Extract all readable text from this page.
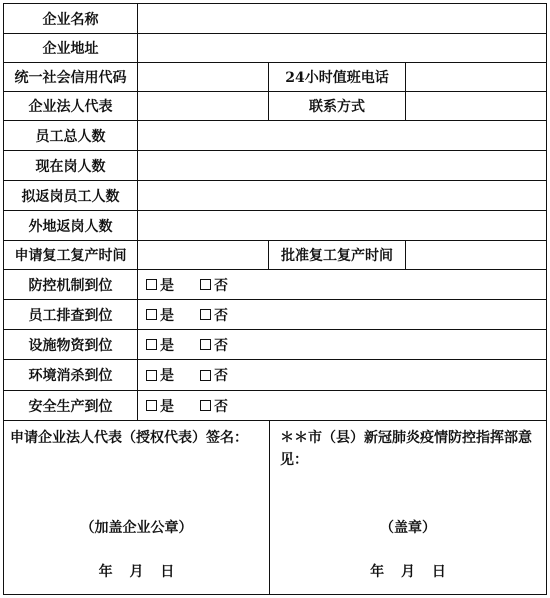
企业名称
企业地址
统一社会信用代码	24小时值班电话
企业法人代表	联系方式
员工总人数
现在岗人数
拟返岗员工人数
外地返岗人数
申请复工复产时间	批准复工复产时间
防控机制到位	是	否
员工排查到位	是	否
设施物资到位	是	否
环境消杀到位	是	否
安全生产到位	是	否
申请企业法人代表（授权代表）签名：
（加盖企业公章）
年 月 日
＊＊市（县）新冠肺炎疫情防控指挥部意见：
（盖章）
年 月 日
